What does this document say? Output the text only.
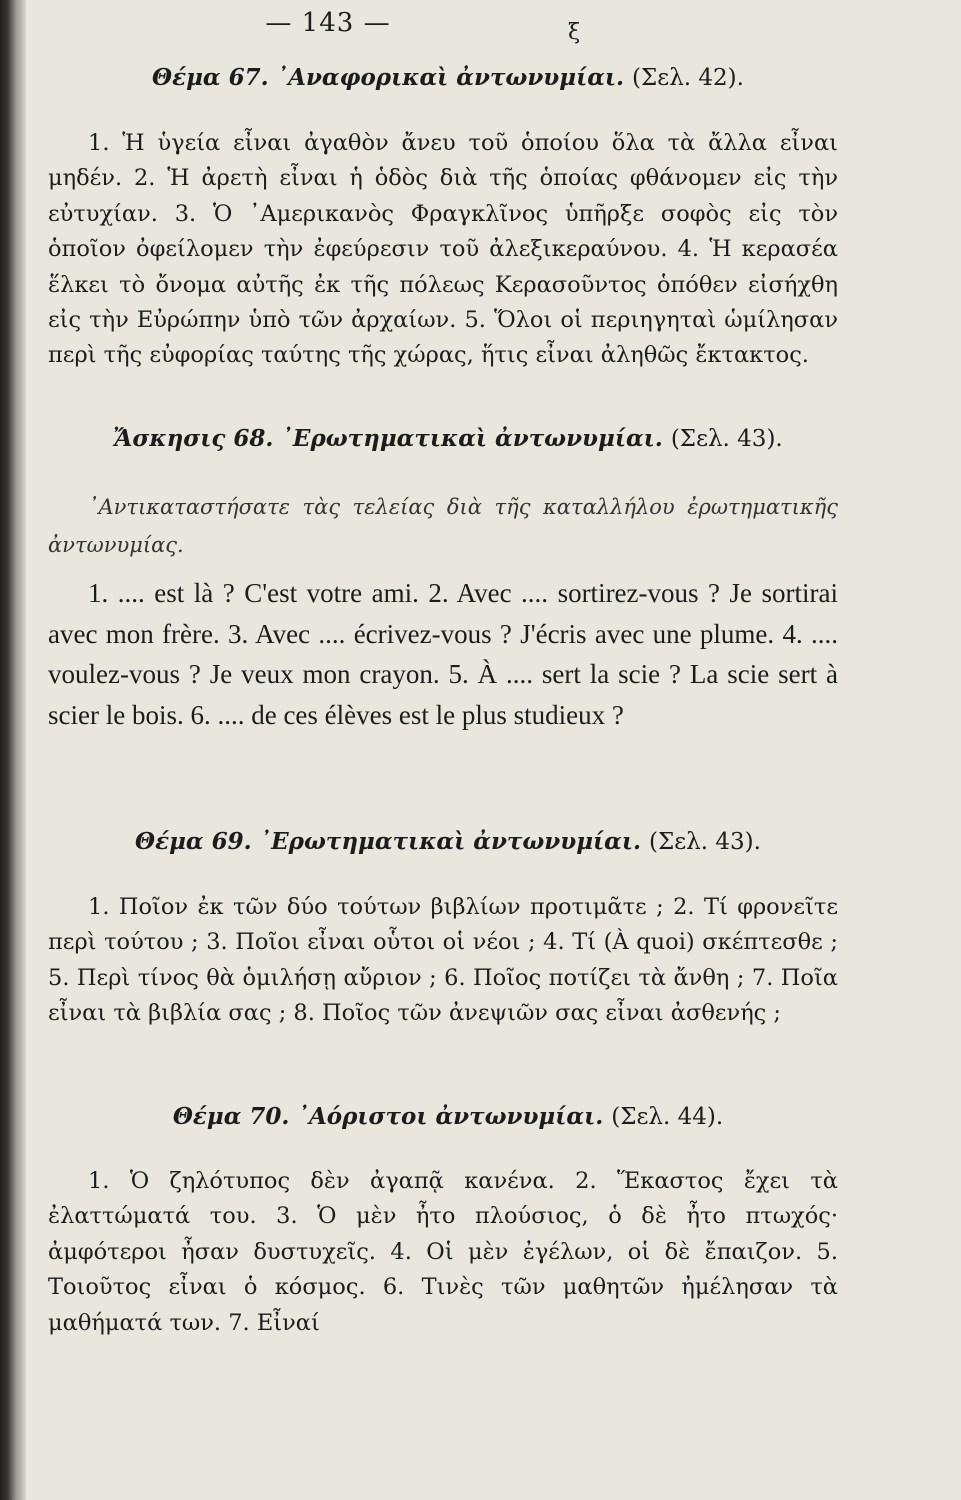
— 143 —	ξ
Θέμα 67. ᾿Αναφορικαὶ ἀντωνυμίαι. (Σελ. 42).

1. Ἡ ὑγεία εἶναι ἀγαθὸν ἄνευ τοῦ ὁποίου ὅλα τὰ ἄλλα εἶναι μηδέν. 2. Ἡ ἀρετὴ εἶναι ἡ ὁδὸς διὰ τῆς ὁποίας φθάνομεν εἰς τὴν εὐτυχίαν. 3. Ὁ ᾿Αμερικανὸς Φραγκλῖνος ὑπῆρξε σοφὸς εἰς τὸν ὁποῖον ὀφείλομεν τὴν ἐφεύρεσιν τοῦ ἀλεξικεραύνου. 4. Ἡ κερασέα ἕλκει τὸ ὄνομα αὐτῆς ἐκ τῆς πόλεως Κερασοῦντος ὁπόθεν εἰσήχθη εἰς τὴν Εὐρώπην ὑπὸ τῶν ἀρχαίων. 5. Ὅλοι οἱ περιηγηταὶ ὡμίλησαν περὶ τῆς εὐφορίας ταύτης τῆς χώρας, ἥτις εἶναι ἀληθῶς ἔκτακτος.

Ἄσκησις 68. ᾿Ερωτηματικαὶ ἀντωνυμίαι. (Σελ. 43).

᾿Αντικαταστήσατε τὰς τελείας διὰ τῆς καταλλήλου ἐρωτηματικῆς ἀντωνυμίας.

1. .... est là ? C'est votre ami. 2. Avec .... sortirez-vous ? Je sortirai avec mon frère. 3. Avec .... écrivez-vous ? J'écris avec une plume. 4. .... voulez-vous ? Je veux mon crayon. 5. À .... sert la scie ? La scie sert à scier le bois. 6. .... de ces élèves est le plus studieux ?

Θέμα 69. ᾿Ερωτηματικαὶ ἀντωνυμίαι. (Σελ. 43).

1. Ποῖον ἐκ τῶν δύο τούτων βιβλίων προτιμᾶτε ; 2. Τί φρονεῖτε περὶ τούτου ; 3. Ποῖοι εἶναι οὗτοι οἱ νέοι ; 4. Τί (À quoi) σκέπτεσθε ; 5. Περὶ τίνος θὰ ὁμιλήσῃ αὔριον ; 6. Ποῖος ποτίζει τὰ ἄνθη ; 7. Ποῖα εἶναι τὰ βιβλία σας ; 8. Ποῖος τῶν ἀνεψιῶν σας εἶναι ἀσθενής ;

Θέμα 70. ᾿Αόριστοι ἀντωνυμίαι. (Σελ. 44).

1. Ὁ ζηλότυπος δὲν ἀγαπᾷ κανένα. 2. Ἕκαστος ἔχει τὰ ἐλαττώματά του. 3. Ὁ μὲν ἦτο πλούσιος, ὁ δὲ ἦτο πτωχός· ἀμφότεροι ἦσαν δυστυχεῖς. 4. Οἱ μὲν ἐγέλων, οἱ δὲ ἔπαιζον. 5. Τοιοῦτος εἶναι ὁ κόσμος. 6. Τινὲς τῶν μαθητῶν ἠμέλησαν τὰ μαθήματά των. 7. Εἶναί
